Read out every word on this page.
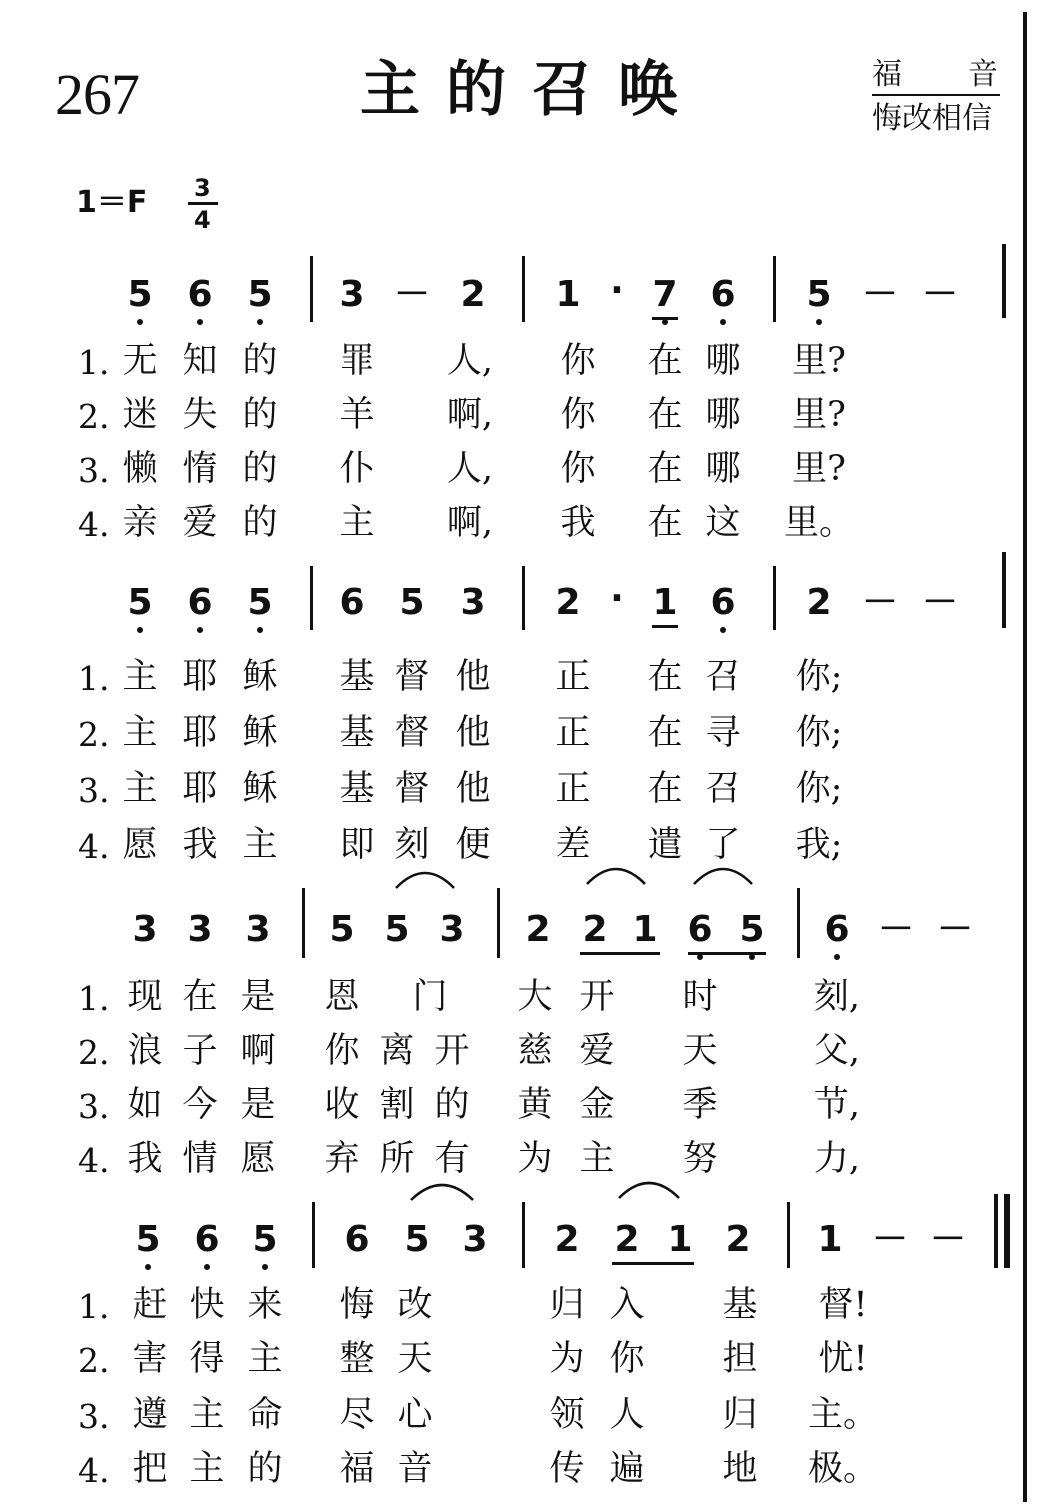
267	主的召唤	福 音
悔改相信
1＝F 3
4
5 6 5 3 － 2 1 · 7 6 5 － －
1. 无 知 的 罪 人, 你 在 哪 里?
2. 迷 失 的 羊 啊, 你 在 哪 里?
3. 懒 惰 的 仆 人, 你 在 哪 里?
4. 亲 爱 的 主 啊, 我 在 这 里。
5 6 5 6 5 3 2 · 1 6 2 － －
1. 主 耶 稣 基 督 他 正 在 召 你;
2. 主 耶 稣 基 督 他 正 在 寻 你;
3. 主 耶 稣 基 督 他 正 在 召 你;
4. 愿 我 主 即 刻 便 差 遣 了 我;
3 3 3 5 5 3 2 2 1 6 5 6 － －
1. 现 在 是 恩 门 大 开 时	刻,
2. 浪 子 啊 你 离 开 慈 爱 天	父,
3. 如 今 是 收 割 的 黄 金 季	节,
4. 我 情 愿 弃 所 有 为 主 努	力,
5 6 5 6 5 3 2 2 1 2 1 － －
1. 赶 快 来 悔 改	归 入 基 督!
2. 害 得 主 整 天	为 你 担 忧!
3. 遵 主 命 尽 心	领 人 归 主。
4. 把 主 的 福 音	传 遍 地 极。
